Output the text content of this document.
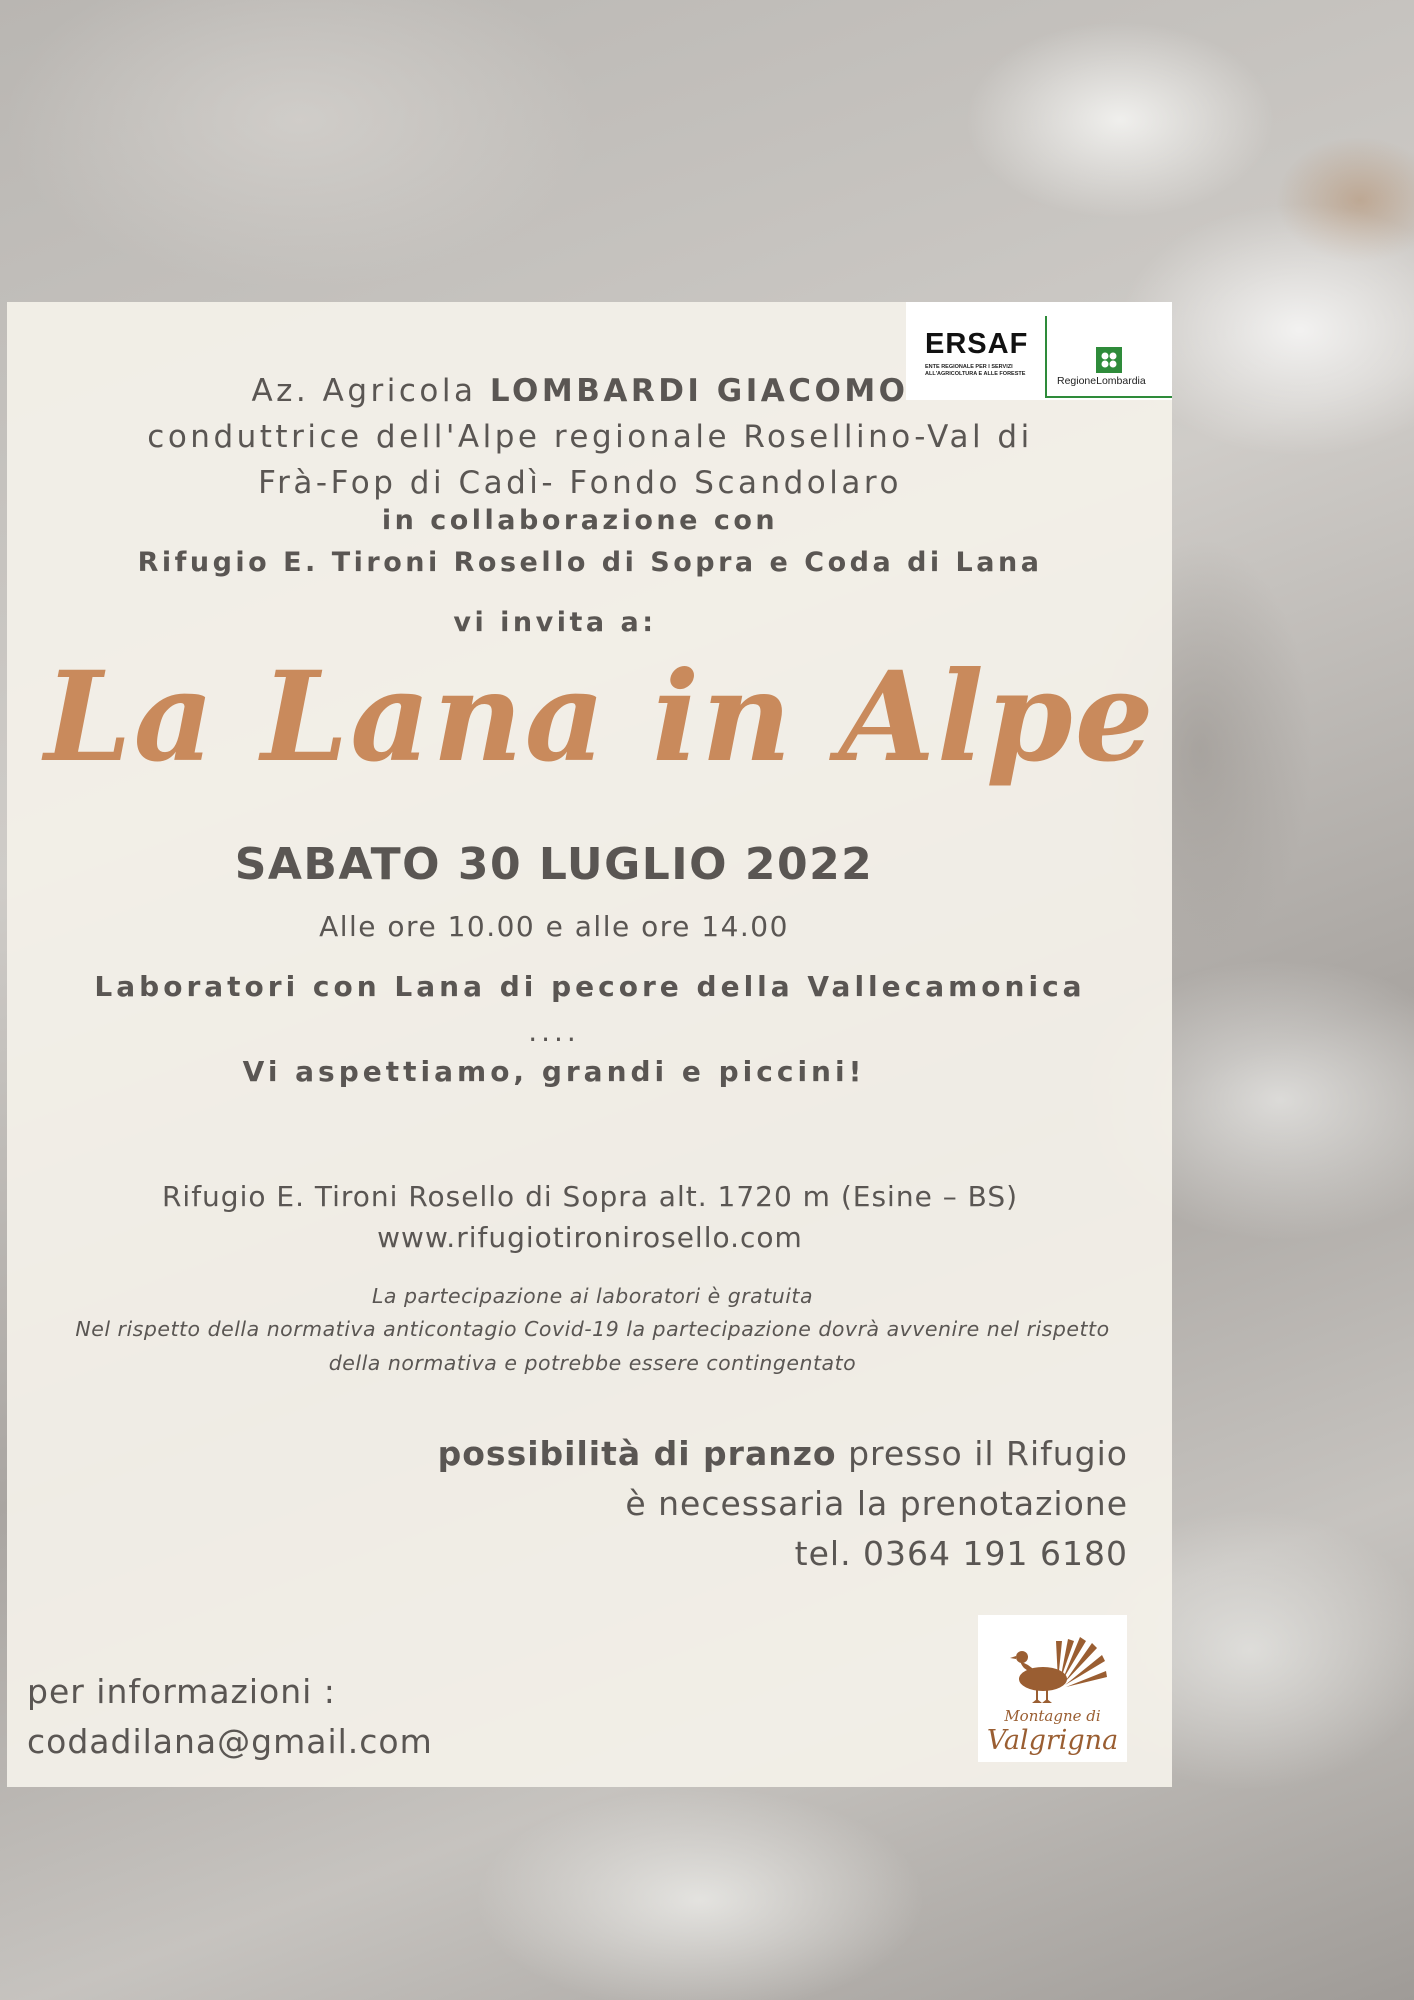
ERSAF
ENTE REGIONALE PER I SERVIZI ALL'AGRICOLTURA E ALLE FORESTE
RegioneLombardia
Az. Agricola LOMBARDI GIACOMO
conduttrice dell'Alpe regionale Rosellino-Val di
Frà-Fop di Cadì- Fondo Scandolaro
in collaborazione con
Rifugio E. Tironi Rosello di Sopra e Coda di Lana
vi invita a:
La Lana in Alpe
SABATO 30 LUGLIO 2022
Alle ore 10.00 e alle ore 14.00
Laboratori con Lana di pecore della Vallecamonica
....
Vi aspettiamo, grandi e piccini!
Rifugio E. Tironi Rosello di Sopra alt. 1720 m (Esine – BS)
www.rifugiotironirosello.com
La partecipazione ai laboratori è gratuita
Nel rispetto della normativa anticontagio Covid-19 la partecipazione dovrà avvenire nel rispetto
della normativa e potrebbe essere contingentato
possibilità di pranzo presso il Rifugio
è necessaria la prenotazione
tel. 0364 191 6180
per informazioni :
codadilana@gmail.com
Montagne di
Valgrigna
